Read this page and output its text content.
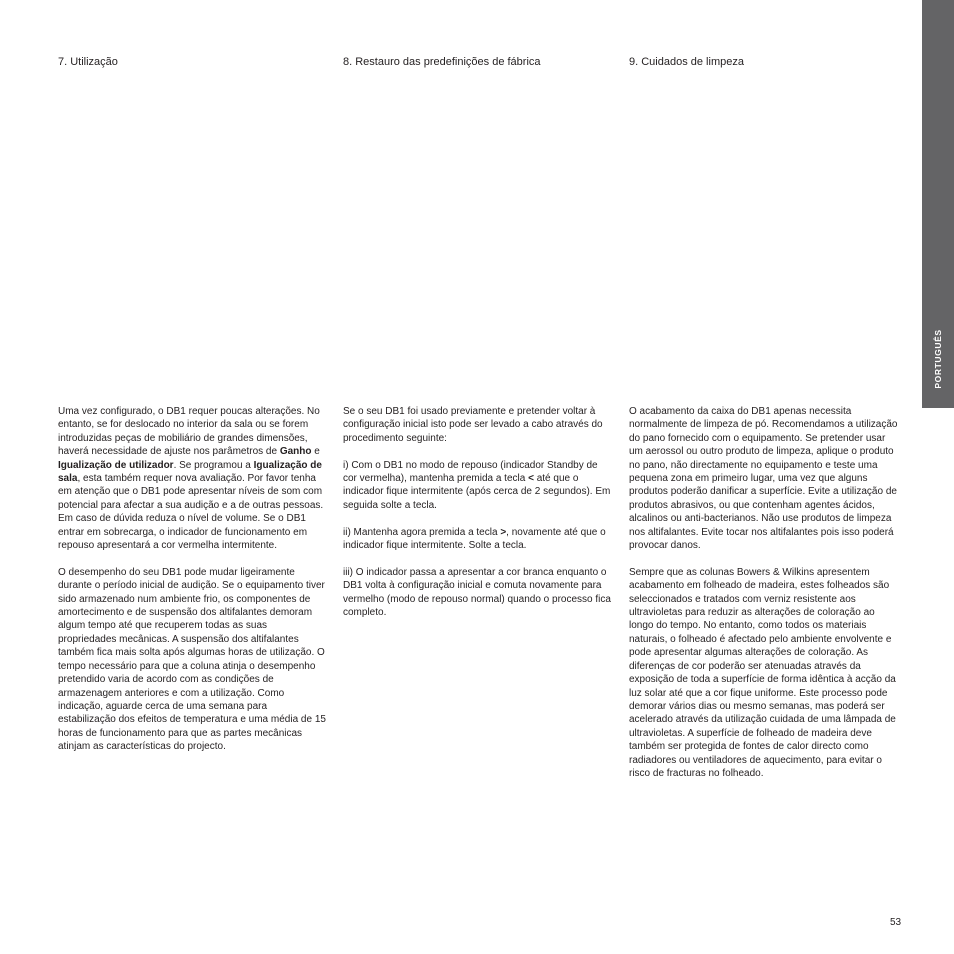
7. Utilização	8. Restauro das predefinições de fábrica	9. Cuidados de limpeza

Uma vez configurado, o DB1 requer poucas alterações. No entanto, se for deslocado no interior da sala ou se forem introduzidas peças de mobiliário de grandes dimensões, haverá necessidade de ajuste nos parâmetros de Ganho e Igualização de utilizador. Se programou a Igualização de sala, esta também requer nova avaliação. Por favor tenha em atenção que o DB1 pode apresentar níveis de som com potencial para afectar a sua audição e a de outras pessoas. Em caso de dúvida reduza o nível de volume. Se o DB1 entrar em sobrecarga, o indicador de funcionamento em repouso apresentará a cor vermelha intermitente.

O desempenho do seu DB1 pode mudar ligeiramente durante o período inicial de audição. Se o equipamento tiver sido armazenado num ambiente frio, os componentes de amortecimento e de suspensão dos altifalantes demoram algum tempo até que recuperem todas as suas propriedades mecânicas. A suspensão dos altifalantes também fica mais solta após algumas horas de utilização. O tempo necessário para que a coluna atinja o desempenho pretendido varia de acordo com as condições de armazenagem anteriores e com a utilização. Como indicação, aguarde cerca de uma semana para estabilização dos efeitos de temperatura e uma média de 15 horas de funcionamento para que as partes mecânicas atinjam as características do projecto.

Se o seu DB1 foi usado previamente e pretender voltar à configuração inicial isto pode ser levado a cabo através do procedimento seguinte:

i) Com o DB1 no modo de repouso (indicador Standby de cor vermelha), mantenha premida a tecla < até que o indicador fique intermitente (após cerca de 2 segundos). Em seguida solte a tecla.

ii) Mantenha agora premida a tecla >, novamente até que o indicador fique intermitente. Solte a tecla.

iii) O indicador passa a apresentar a cor branca enquanto o DB1 volta à configuração inicial e comuta novamente para vermelho (modo de repouso normal) quando o processo fica completo.

O acabamento da caixa do DB1 apenas necessita normalmente de limpeza de pó. Recomendamos a utilização do pano fornecido com o equipamento. Se pretender usar um aerossol ou outro produto de limpeza, aplique o produto no pano, não directamente no equipamento e teste uma pequena zona em primeiro lugar, uma vez que alguns produtos poderão danificar a superfície. Evite a utilização de produtos abrasivos, ou que contenham agentes ácidos, alcalinos ou anti-bacterianos. Não use produtos de limpeza nos altifalantes. Evite tocar nos altifalantes pois isso poderá provocar danos.

Sempre que as colunas Bowers & Wilkins apresentem acabamento em folheado de madeira, estes folheados são seleccionados e tratados com verniz resistente aos ultravioletas para reduzir as alterações de coloração ao longo do tempo. No entanto, como todos os materiais naturais, o folheado é afectado pelo ambiente envolvente e pode apresentar algumas alterações de coloração. As diferenças de cor poderão ser atenuadas através da exposição de toda a superfície de forma idêntica à acção da luz solar até que a cor fique uniforme. Este processo pode demorar vários dias ou mesmo semanas, mas poderá ser acelerado através da utilização cuidada de uma lâmpada de ultravioletas. A superfície de folheado de madeira deve também ser protegida de fontes de calor directo como radiadores ou ventiladores de aquecimento, para evitar o risco de fracturas no folheado.

PORTUGUÊS
53
